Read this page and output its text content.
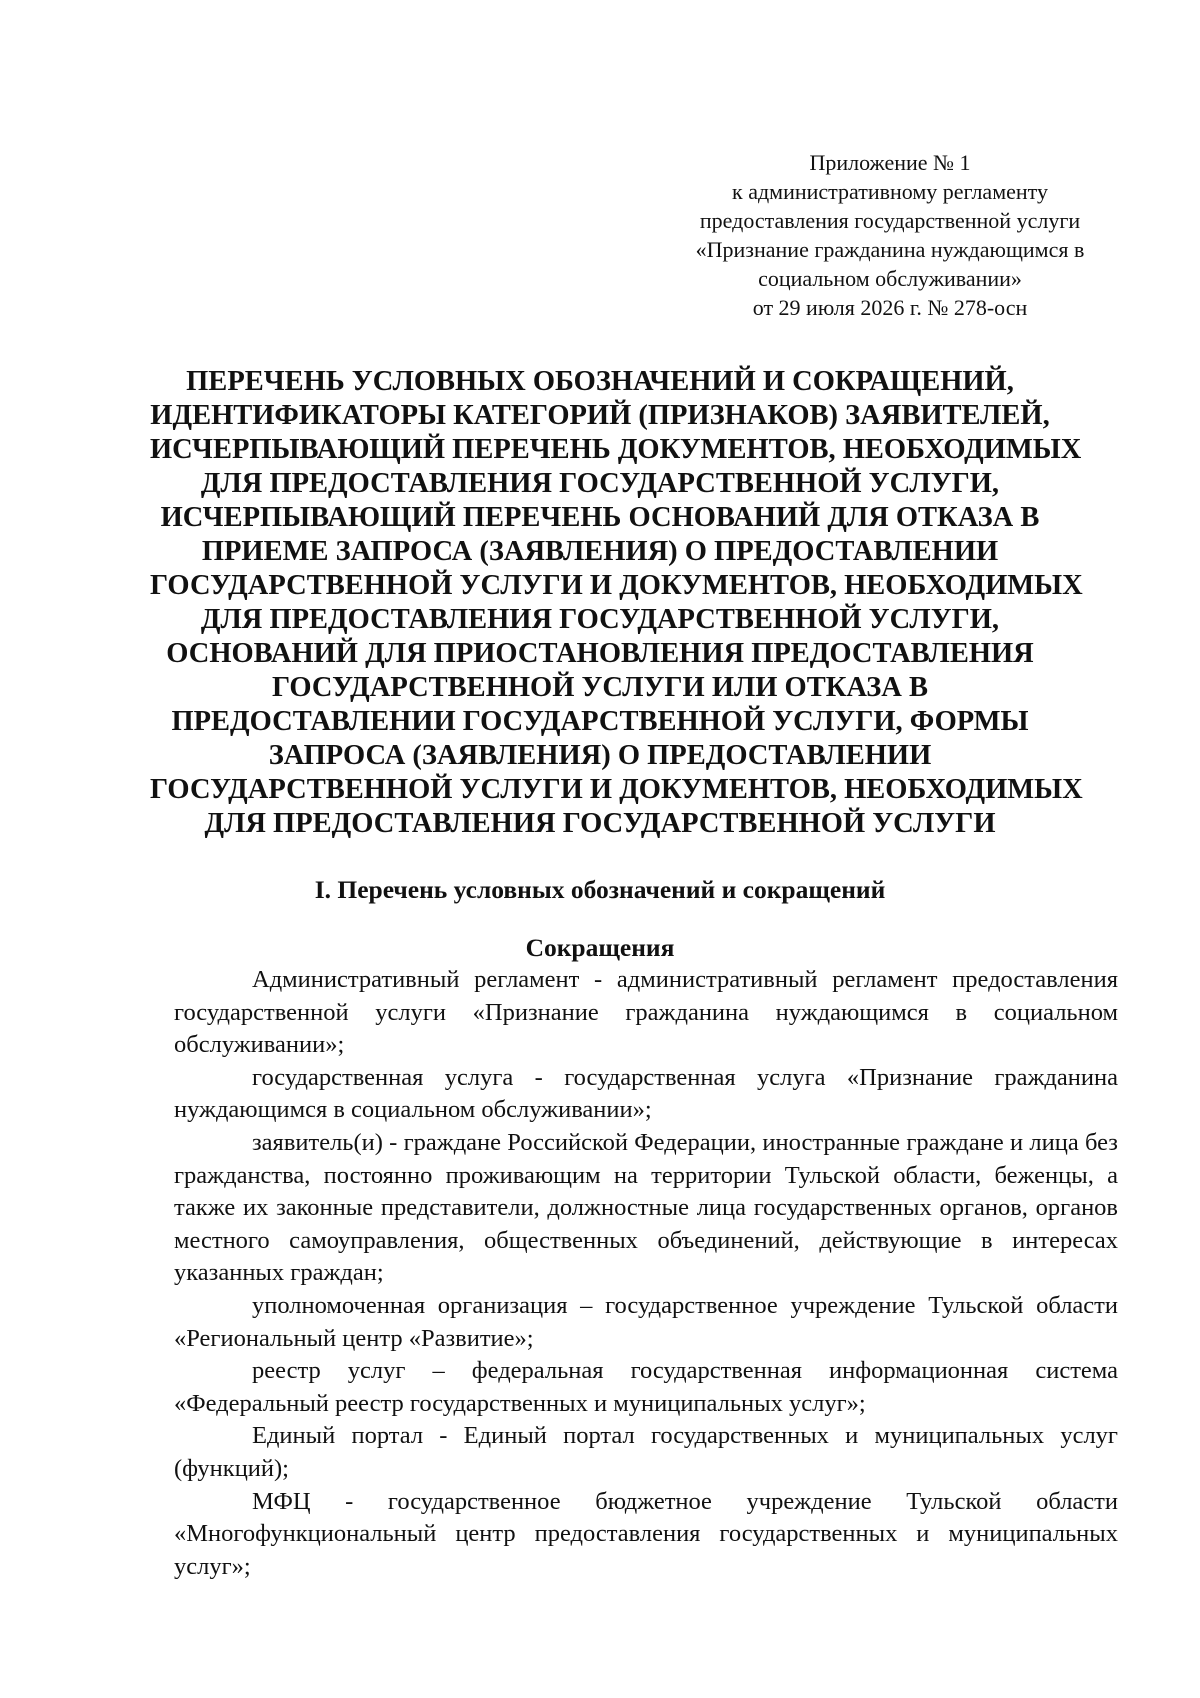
Приложение № 1
к административному регламенту
предоставления государственной услуги
«Признание гражданина нуждающимся в
социальном обслуживании»
от 29 июля 2026 г. № 278-осн
ПЕРЕЧЕНЬ УСЛОВНЫХ ОБОЗНАЧЕНИЙ И СОКРАЩЕНИЙ,
ИДЕНТИФИКАТОРЫ КАТЕГОРИЙ (ПРИЗНАКОВ) ЗАЯВИТЕЛЕЙ,
ИСЧЕРПЫВАЮЩИЙ ПЕРЕЧЕНЬ ДОКУМЕНТОВ, НЕОБХОДИМЫХ
ДЛЯ ПРЕДОСТАВЛЕНИЯ ГОСУДАРСТВЕННОЙ УСЛУГИ,
ИСЧЕРПЫВАЮЩИЙ ПЕРЕЧЕНЬ ОСНОВАНИЙ ДЛЯ ОТКАЗА В
ПРИЕМЕ ЗАПРОСА (ЗАЯВЛЕНИЯ) О ПРЕДОСТАВЛЕНИИ
ГОСУДАРСТВЕННОЙ УСЛУГИ И ДОКУМЕНТОВ, НЕОБХОДИМЫХ
ДЛЯ ПРЕДОСТАВЛЕНИЯ ГОСУДАРСТВЕННОЙ УСЛУГИ,
ОСНОВАНИЙ ДЛЯ ПРИОСТАНОВЛЕНИЯ ПРЕДОСТАВЛЕНИЯ
ГОСУДАРСТВЕННОЙ УСЛУГИ ИЛИ ОТКАЗА В
ПРЕДОСТАВЛЕНИИ ГОСУДАРСТВЕННОЙ УСЛУГИ, ФОРМЫ
ЗАПРОСА (ЗАЯВЛЕНИЯ) О ПРЕДОСТАВЛЕНИИ
ГОСУДАРСТВЕННОЙ УСЛУГИ И ДОКУМЕНТОВ, НЕОБХОДИМЫХ
ДЛЯ ПРЕДОСТАВЛЕНИЯ ГОСУДАРСТВЕННОЙ УСЛУГИ
I. Перечень условных обозначений и сокращений
Сокращения

Административный регламент - административный регламент предоставления государственной услуги «Признание гражданина нуждающимся в социальном обслуживании»;

государственная услуга - государственная услуга «Признание гражданина нуждающимся в социальном обслуживании»;

заявитель(и) - граждане Российской Федерации, иностранные граждане и лица без гражданства, постоянно проживающим на территории Тульской области, беженцы, а также их законные представители, должностные лица государственных органов, органов местного самоуправления, общественных объединений, действующие в интересах указанных граждан;

уполномоченная организация – государственное учреждение Тульской области «Региональный центр «Развитие»;

реестр услуг – федеральная государственная информационная система «Федеральный реестр государственных и муниципальных услуг»;

Единый портал - Единый портал государственных и муниципальных услуг (функций);

МФЦ - государственное бюджетное учреждение Тульской области «Многофункциональный центр предоставления государственных и муниципальных услуг»;
